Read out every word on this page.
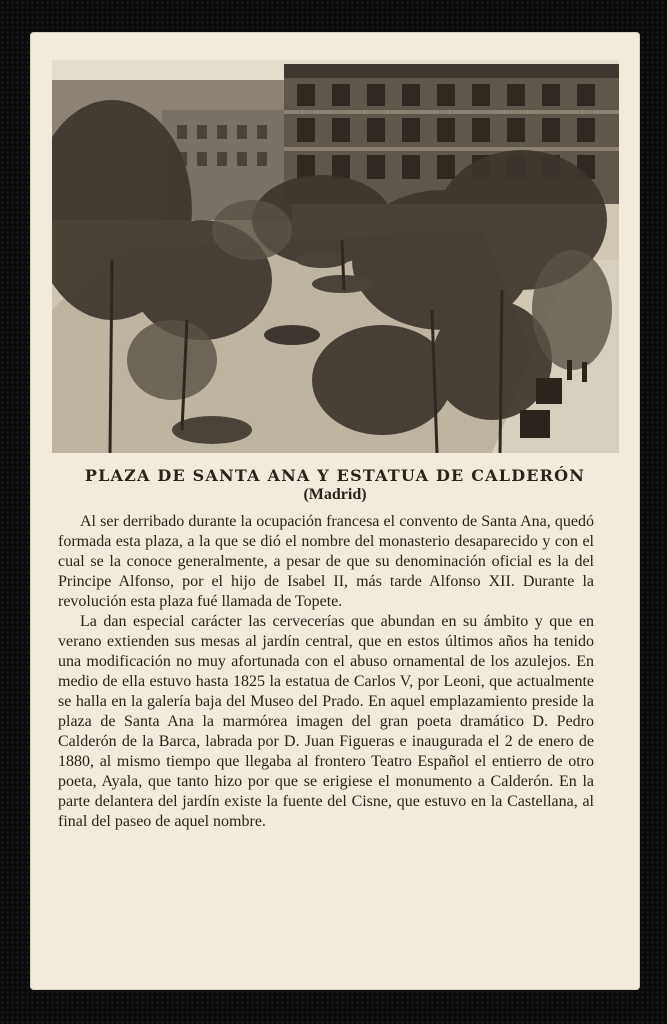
PLAZA DE SANTA ANA Y ESTATUA DE CALDERÓN
(Madrid)

Al ser derribado durante la ocupación francesa el convento de Santa Ana, quedó formada esta plaza, a la que se dió el nombre del monasterio desaparecido y con el cual se la conoce generalmente, a pesar de que su denominación oficial es la del Principe Alfonso, por el hijo de Isabel II, más tarde Alfonso XII. Durante la revolución esta plaza fué llamada de Topete.

La dan especial carácter las cervecerías que abundan en su ámbito y que en verano extienden sus mesas al jardín central, que en estos últimos años ha tenido una modificación no muy afortunada con el abuso ornamental de los azulejos. En medio de ella estuvo hasta 1825 la estatua de Carlos V, por Leoni, que actualmente se halla en la galería baja del Museo del Prado. En aquel emplazamiento preside la plaza de Santa Ana la marmórea imagen del gran poeta dramático D. Pedro Calderón de la Barca, labrada por D. Juan Figueras e inaugurada el 2 de enero de 1880, al mismo tiempo que llegaba al frontero Teatro Español el entierro de otro poeta, Ayala, que tanto hizo por que se erigiese el monumento a Calderón. En la parte delantera del jardín existe la fuente del Cisne, que estuvo en la Castellana, al final del paseo de aquel nombre.
